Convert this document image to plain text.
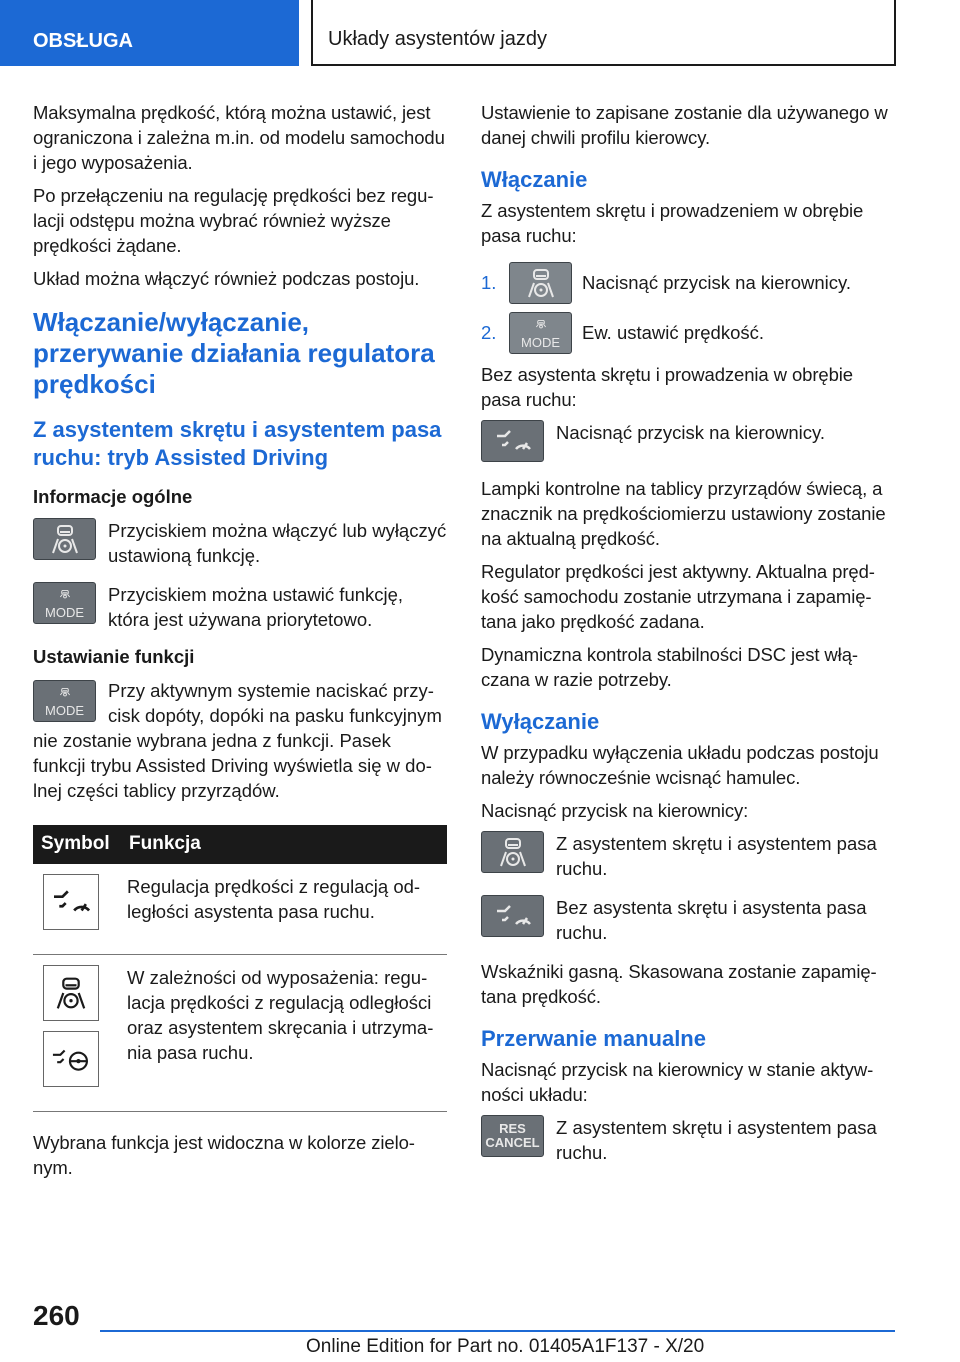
OBSŁUGA	Układy asystentów jazdy

Maksymalna prędkość, którą można ustawić, jest ograniczona i zależna m.in. od modelu samochodu i jego wyposażenia.

Po przełączeniu na regulację prędkości bez regulacji odstępu można wybrać również wyższe prędkości żądane.

Układ można włączyć również podczas postoju.

Włączanie/wyłączanie, przerywanie działania regulatora prędkości
Z asystentem skrętu i asystentem pasa ruchu: tryb Assisted Driving
Informacje ogólne
Przyciskiem można włączyć lub wyłączyć ustawioną funkcję.
MODE
Przyciskiem można ustawić funkcję, która jest używana priorytetowo.
Ustawianie funkcji
MODE
Przy aktywnym systemie naciskać przycisk dopóty, dopóki na pasku funkcyjnym nie zostanie wybrana jedna z funkcji. Pasek funkcji trybu Assisted Driving wyświetla się w dolnej części tablicy przyrządów.
Symbol	Funkcja

	Regulacja prędkości z regulacją odległości asystenta pasa ruchu.

	W zależności od wyposażenia: regulacja prędkości z regulacją odległości oraz asystentem skręcania i utrzymania pasa ruchu.

Wybrana funkcja jest widoczna w kolorze zielonym.

Ustawienie to zapisane zostanie dla używanego w danej chwili profilu kierowcy.

Włączanie

Z asystentem skrętu i prowadzeniem w obrębie pasa ruchu:

1.	Nacisnąć przycisk na kierownicy.
2.	MODE Ew. ustawić prędkość.

Bez asystenta skrętu i prowadzenia w obrębie pasa ruchu:

Nacisnąć przycisk na kierownicy.

Lampki kontrolne na tablicy przyrządów świecą, a znacznik na prędkościomierzu ustawiony zostanie na aktualną prędkość.

Regulator prędkości jest aktywny. Aktualna prędkość samochodu zostanie utrzymana i zapamiętana jako prędkość zadana.

Dynamiczna kontrola stabilności DSC jest włączana w razie potrzeby.

Wyłączanie

W przypadku wyłączenia układu podczas postoju należy równocześnie wcisnąć hamulec.

Nacisnąć przycisk na kierownicy:

Z asystentem skrętu i asystentem pasa ruchu.
Bez asystenta skrętu i asystenta pasa ruchu.

Wskaźniki gasną. Skasowana zostanie zapamiętana prędkość.

Przerwanie manualne

Nacisnąć przycisk na kierownicy w stanie aktywności układu:

RES
CANCEL
Z asystentem skrętu i asystentem pasa ruchu.
260
Online Edition for Part no. 01405A1F137 - X/20
